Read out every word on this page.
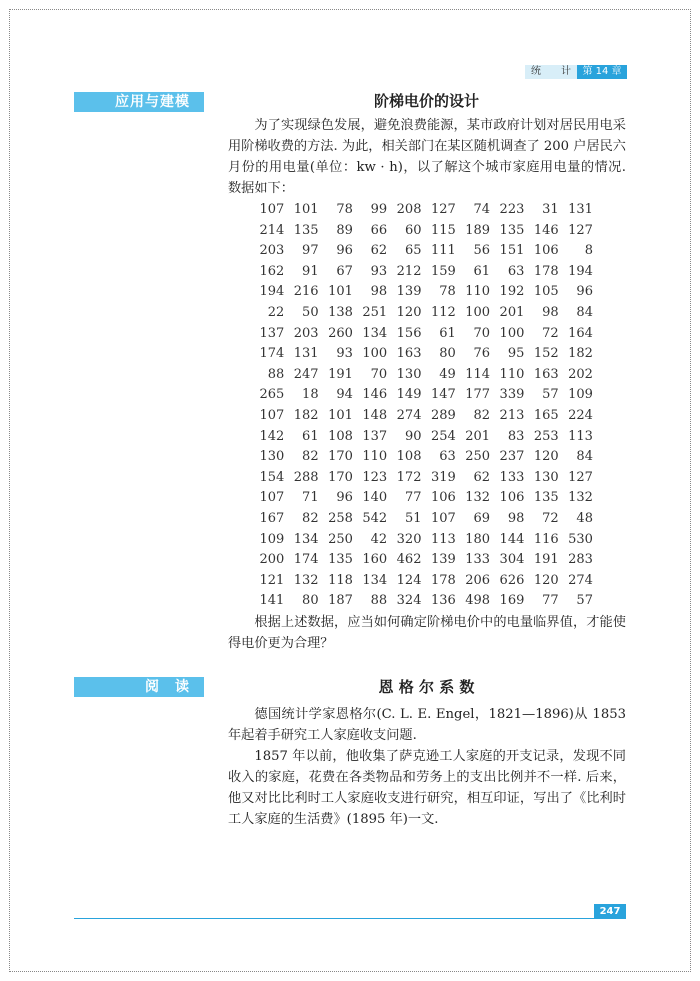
统 计	第 14 章
应用与建模	阶梯电价的设计

为了实现绿色发展，避免浪费能源，某市政府计划对居民用电采用阶梯收费的方法. 为此，相关部门在某区随机调查了 200 户居民六月份的用电量(单位：kw · h)，以了解这个城市家庭用电量的情况. 数据如下：

107 101	78	99 208 127	74 223	31 131
214 135	89	66	60 115 189 135 146 127
203	97	96	62	65 111	56 151 106	8
162	91	67	93 212 159	61	63 178 194
194 216 101	98 139	78 110 192 105	96
22	50 138 251 120 112 100 201	98	84
137 203 260 134 156	61	70 100	72 164
174 131	93 100 163	80	76	95 152 182
88 247 191	70 130	49 114 110 163 202
265	18	94 146 149 147 177 339	57 109
107 182 101 148 274 289	82 213 165 224
142	61 108 137	90 254 201	83 253 113
130	82 170 110 108	63 250 237 120	84
154 288 170 123 172 319	62 133 130 127
107	71	96 140	77 106 132 106 135 132
167	82 258 542	51 107	69	98	72	48
109 134 250	42 320 113 180 144 116 530
200 174 135 160 462 139 133 304 191 283
121 132 118 134 124 178 206 626 120 274
141	80 187	88 324 136 498 169	77	57

根据上述数据，应当如何确定阶梯电价中的电量临界值，才能使得电价更为合理？

阅　读	恩 格 尔 系 数

德国统计学家恩格尔(C. L. E. Engel，1821—1896)从 1853 年起着手研究工人家庭收支问题.

1857 年以前，他收集了萨克逊工人家庭的开支记录，发现不同收入的家庭，花费在各类物品和劳务上的支出比例并不一样. 后来，他又对比比利时工人家庭收支进行研究，相互印证，写出了《比利时工人家庭的生活费》(1895 年)一文.

247
